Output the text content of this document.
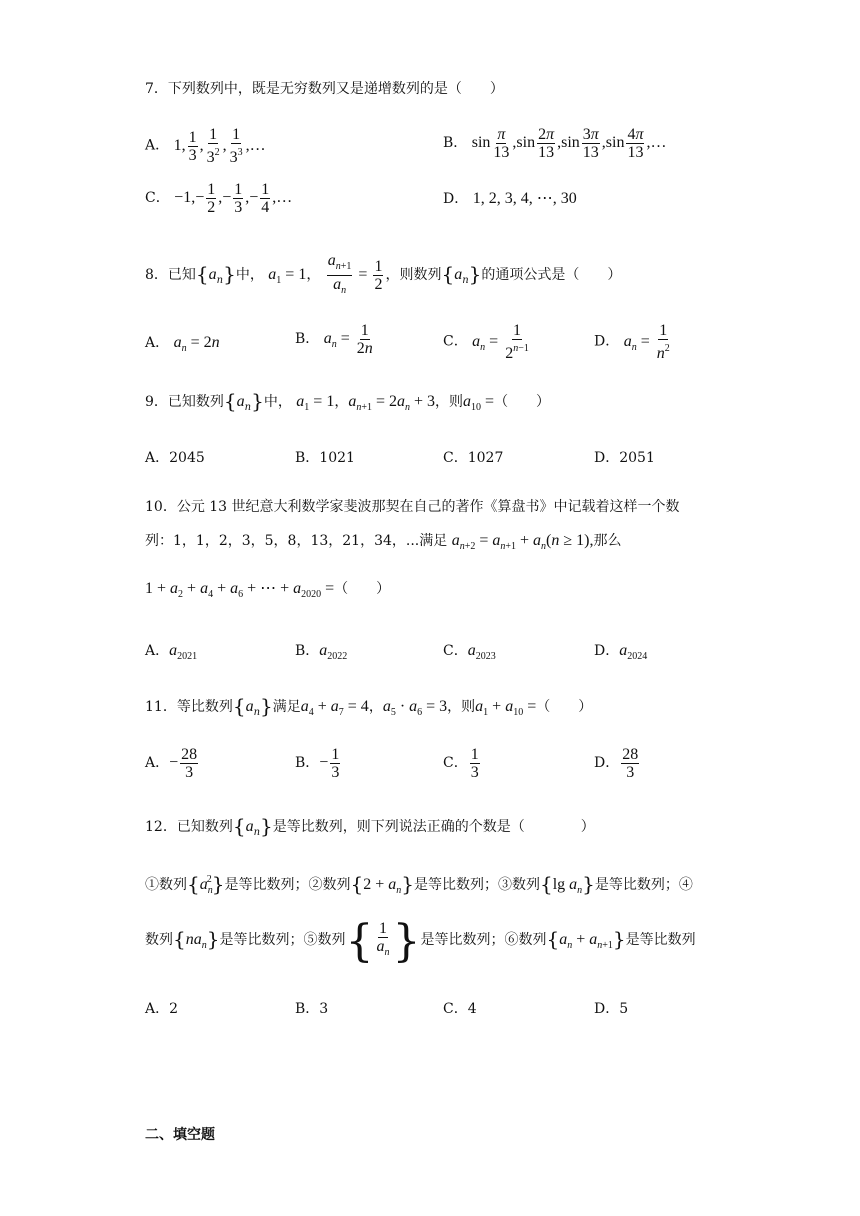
7．下列数列中，既是无穷数列又是递增数列的是（　　）
A． 1, $\frac{1}{3}$ , $\frac{1}{3^2}$ , $\frac{1}{3^3}$ ,…	B． $\sin \frac{\pi}{13} ,\sin \frac{2\pi}{13} ,\sin \frac{3\pi}{13} ,\sin \frac{4\pi}{13}$ ,…
C． $-1,- \frac{1}{2}$ ,− $\frac{1}{3}$ ,− $\frac{1}{4}$ ,…	D． 1, 2, 3, 4, ⋯, 30
8．已知$\{a_n\}$中， $a_1 = 1$， $\frac{a_{n+1}}{a_n} = \frac{1}{2}$ ，则数列$\{a_n\}$的通项公式是（　　）
A． $a_n = 2n$	B． $a_n = \frac{1}{2n}$	C． $a_n = \frac{1}{2^{n-1}}$	D． $a_n = \frac{1}{n^2}$
9．已知数列$\{a_n\}$中， $a_1 = 1$，$a_{n+1} = 2a_n + 3$，则$a_{10}$ =（　　）
A．2045	B．1021	C．1027	D．2051
10．公元 13 世纪意大利数学家斐波那契在自己的著作《算盘书》中记载着这样一个数
列：1，1，2，3，5，8，13，21，34，...满足 $a_{n+2} = a_{n+1} + a_n(n \ge 1)$,那么
$1 + a_2 + a_4 + a_6$ + ⋯ + $a_{2020}$ =（　　）
A．$a_{2021}$	B．$a_{2022}$	C．$a_{2023}$	D．$a_{2024}$
11．等比数列$\{a_n\}$满足$a_4 + a_7 = 4$，$a_5 \cdot a_6 = 3$，则$a_1 + a_{10}$ =（　　）
A．− $\frac{28}{3}$	B．− $\frac{1}{3}$	C． $\frac{1}{3}$	D． $\frac{28}{3}$
12．已知数列$\{a_n\}$是等比数列，则下列说法正确的个数是（　　　　）
①数列$\{a_n^2\}$是等比数列；②数列$\{2 + a_n\}$是等比数列；③数列{lg $a_n$}是等比数列；④
数列$\{na_n\}$是等比数列；⑤数列{ $\frac{1}{a_n}$ }是等比数列；⑥数列$\{a_n + a_{n+1}\}$是等比数列
A．2	B．3	C．4	D．5
二、填空题
